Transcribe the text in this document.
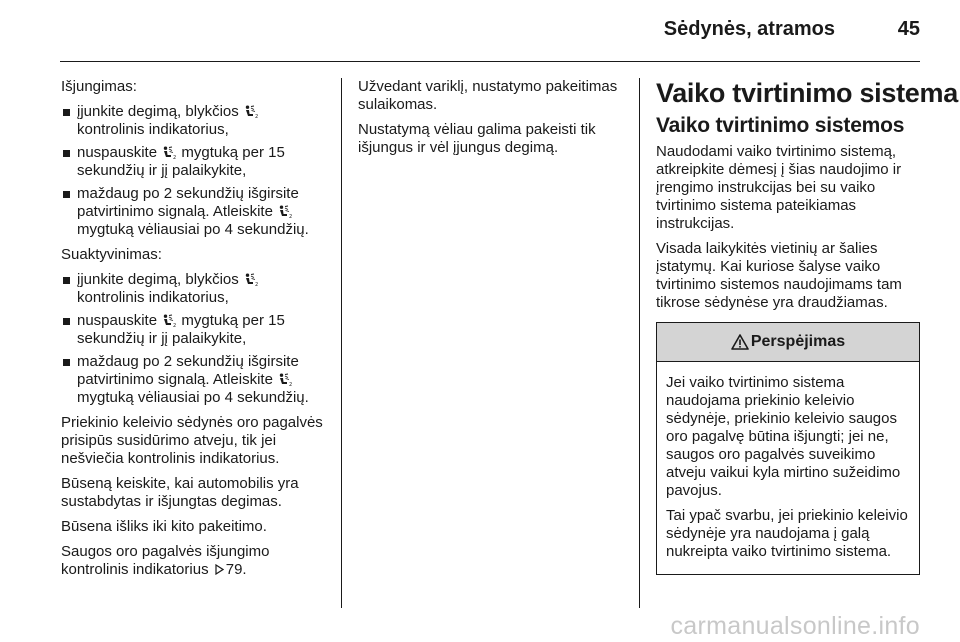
Sėdynės, atramos	45

Išjungimas:

įjunkite degimą, blykčios	2

kontrolinis indikatorius,
nuspauskite	2 mygtuką per 15 sekundžių ir jį palaikykite,
maždaug po 2 sekundžių išgirsite patvirtinimo signalą. Atleiskite	2
mygtuką vėliausiai po 4 sekundžių.

Suaktyvinimas:

įjunkite degimą, blykčios	2

kontrolinis indikatorius,
nuspauskite	2 mygtuką per 15 sekundžių ir jį palaikykite,
maždaug po 2 sekundžių išgirsite patvirtinimo signalą. Atleiskite	2
mygtuką vėliausiai po 4 sekundžių.

Priekinio keleivio sėdynės oro pagalvės prisipūs susidūrimo atveju, tik jei nešviečia kontrolinis indikatorius.

Būseną keiskite, kai automobilis yra sustabdytas ir išjungtas degimas.

Būsena išliks iki kito pakeitimo.

Saugos oro pagalvės išjungimo kontrolinis indikatorius 79.

Užvedant variklį, nustatymo pakeitimas sulaikomas.

Nustatymą vėliau galima pakeisti tik išjungus ir vėl įjungus degimą.

Vaiko tvirtinimo sistema
Vaiko tvirtinimo sistemos

Naudodami vaiko tvirtinimo sistemą, atkreipkite dėmesį į šias naudojimo ir įrengimo instrukcijas bei su vaiko tvirtinimo sistema pateikiamas instrukcijas.

Visada laikykitės vietinių ar šalies įstatymų. Kai kuriose šalyse vaiko tvirtinimo sistemos naudojimams tam tikrose sėdynėse yra draudžiamas.

Perspėjimas

Jei vaiko tvirtinimo sistema naudojama priekinio keleivio sėdynėje, priekinio keleivio saugos oro pagalvę būtina išjungti; jei ne, saugos oro pagalvės suveikimo atveju vaikui kyla mirtino sužeidimo pavojus.

Tai ypač svarbu, jei priekinio keleivio sėdynėje yra naudojama į galą nukreipta vaiko tvirtinimo sistema.

carmanualsonline.info
